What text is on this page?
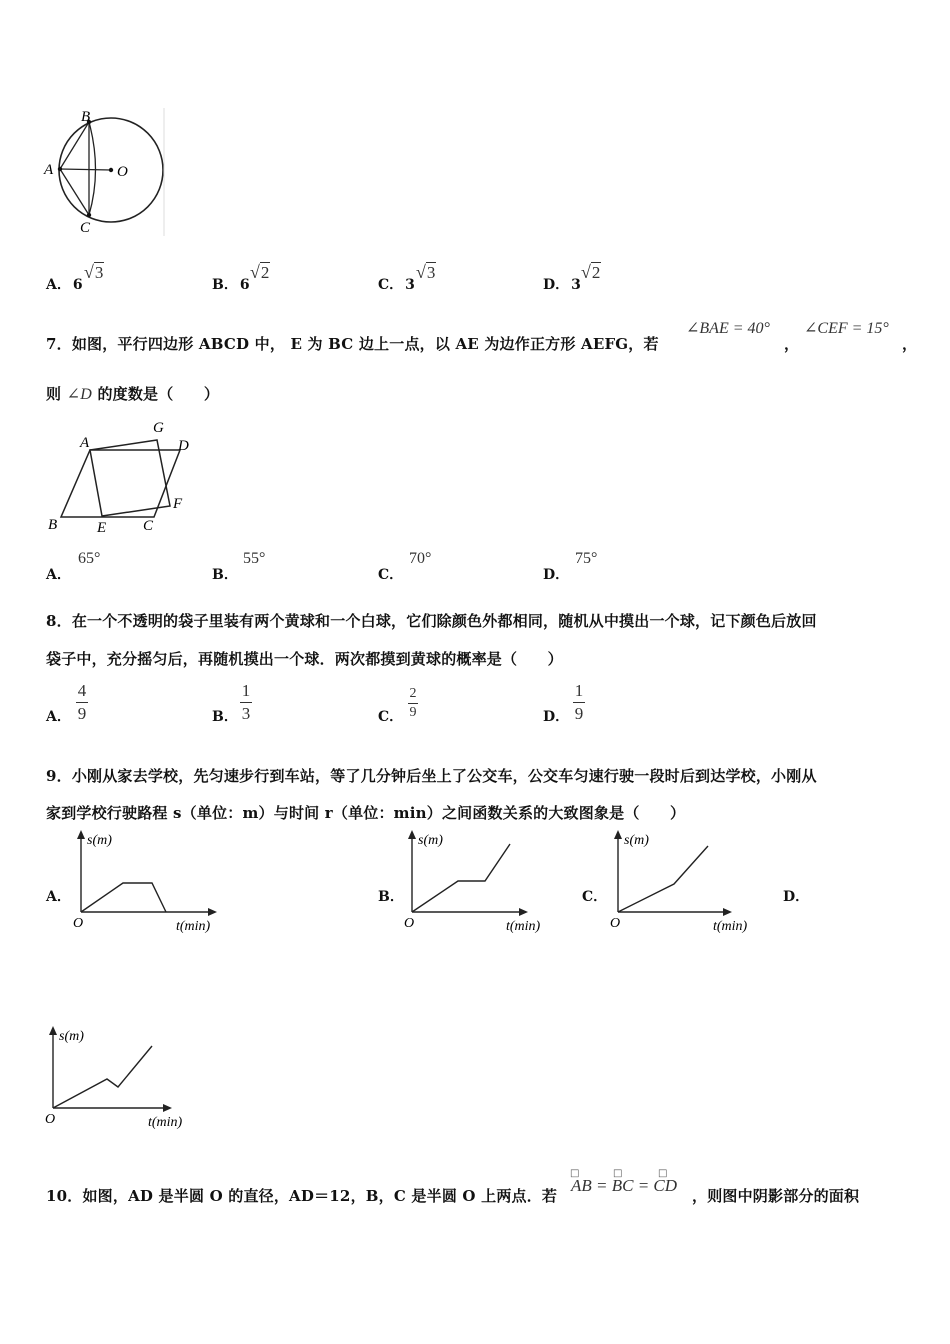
A
B
O
C
A． 6
√3
B． 6
√2
C． 3
√3
D． 3
√2
7．如图，平行四边形 ABCD 中， E 为 BC 边上一点，以 AE 为边作正方形 AEFG，若
∠BAE = 40°
，
∠CEF = 15°
，
则 ∠D 的度数是（　　）
A
G
D
B	E C
F
A．
65°
B．
55°
C．
70°
D．
75°
8．在一个不透明的袋子里装有两个黄球和一个白球，它们除颜色外都相同，随机从中摸出一个球，记下颜色后放回
袋子中，充分摇匀后，再随机摸出一个球．两次都摸到黄球的概率是（　　）
A．
4
9	B．
1
3	C．
2
9	D．
1
9
9．小刚从家去学校，先匀速步行到车站，等了几分钟后坐上了公交车，公交车匀速行驶一段时后到达学校，小刚从
家到学校行驶路程 s（单位：m）与时间 r（单位：min）之间函数关系的大致图象是（　　）
A．
s(m)
O	t(min)
B．
s(m)
O	t(min)
C．
s(m)
O	t(min)
D．
s(m)
O	t(min)
10．如图，AD 是半圆 O 的直径，AD＝12，B，C 是半圆 O 上两点．若
AB = BC = CD
□	□	□
，则图中阴影部分的面积
